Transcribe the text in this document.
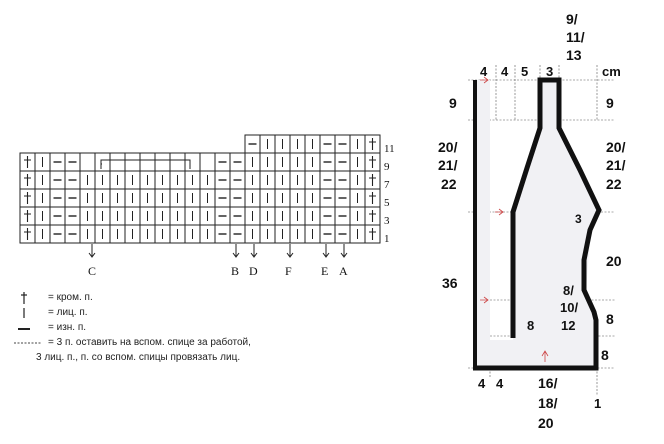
11
9
7
5
3
1
C	B D F E A
4 4 5 3	cm
9/
11/
13
9
20/
21/
22
36
9
20/
21/
22
20
8
8
3
8
8/
10/
12
4 4 16/
18/
20
1
= кром. п.
= лиц. п.
= изн. п.
= 3 п. оставить на вспом. спице за работой,
3 лиц. п., п. со вспом. спицы провязать лиц.
